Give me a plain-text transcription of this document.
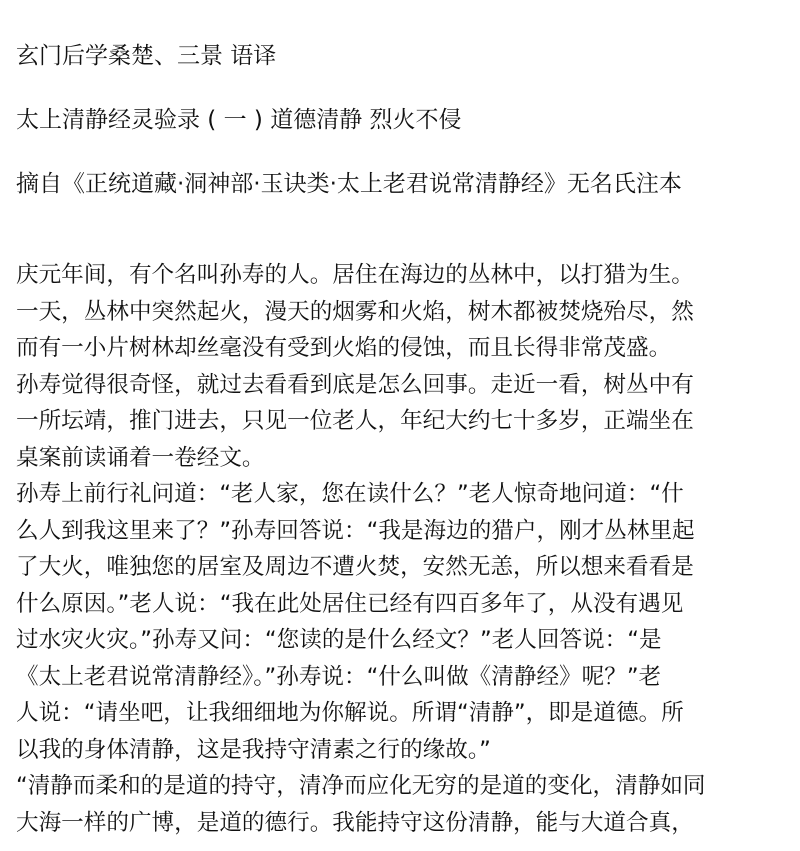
玄门后学桑楚、三景 语译
太上清静经灵验录 ( 一 ) 道德清静 烈火不侵
摘自《正统道藏·洞神部·玉诀类·太上老君说常清静经》无名氏注本
庆元年间，有个名叫孙寿的人。居住在海边的丛林中，以打猎为生。
一天，丛林中突然起火，漫天的烟雾和火焰，树木都被焚烧殆尽，然
而有一小片树林却丝毫没有受到火焰的侵蚀，而且长得非常茂盛。
孙寿觉得很奇怪，就过去看看到底是怎么回事。走近一看，树丛中有
一所坛靖，推门进去，只见一位老人，年纪大约七十多岁，正端坐在
桌案前读诵着一卷经文。
孙寿上前行礼问道：“老人家，您在读什么？”老人惊奇地问道：“什
么人到我这里来了？”孙寿回答说：“我是海边的猎户，刚才丛林里起
了大火，唯独您的居室及周边不遭火焚，安然无恙，所以想来看看是
什么原因。”老人说：“我在此处居住已经有四百多年了，从没有遇见
过水灾火灾。”孙寿又问：“您读的是什么经文？”老人回答说：“是
《太上老君说常清静经》。”孙寿说：“什么叫做《清静经》呢？”老
人说：“请坐吧，让我细细地为你解说。所谓“清静”，即是道德。所
以我的身体清静，这是我持守清素之行的缘故。”
“清静而柔和的是道的持守，清净而应化无穷的是道的变化，清静如同
大海一样的广博，是道的德行。我能持守这份清静，能与大道合真，
